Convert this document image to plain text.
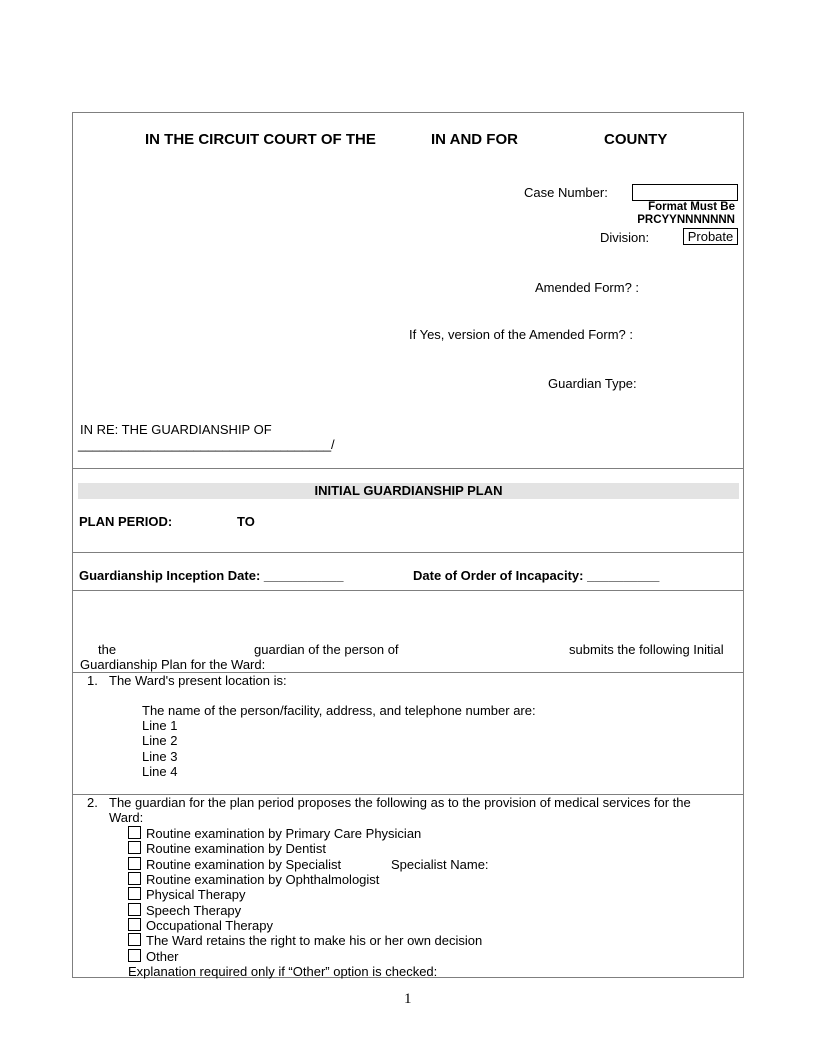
IN THE CIRCUIT COURT OF THE	IN AND FOR	COUNTY
Case Number:
Format Must Be
PRCYYNNNNNNN
Division:	Probate
Amended Form? :
If Yes, version of the Amended Form? :
Guardian Type:
IN RE: THE GUARDIANSHIP OF
___________________________________/
INITIAL GUARDIANSHIP PLAN
PLAN PERIOD:	TO
Guardianship Inception Date: ___________	Date of Order of Incapacity: __________
the	guardian of the person of	submits the following Initial
Guardianship Plan for the Ward:
1. The Ward's present location is:
The name of the person/facility, address, and telephone number are:
Line 1
Line 2
Line 3
Line 4
2. The guardian for the plan period proposes the following as to the provision of medical services for the
Ward:
Routine examination by Primary Care Physician
Routine examination by Dentist
Routine examination by Specialist	Specialist Name:
Routine examination by Ophthalmologist
Physical Therapy
Speech Therapy
Occupational Therapy
The Ward retains the right to make his or her own decision
Other
Explanation required only if “Other” option is checked:
1
